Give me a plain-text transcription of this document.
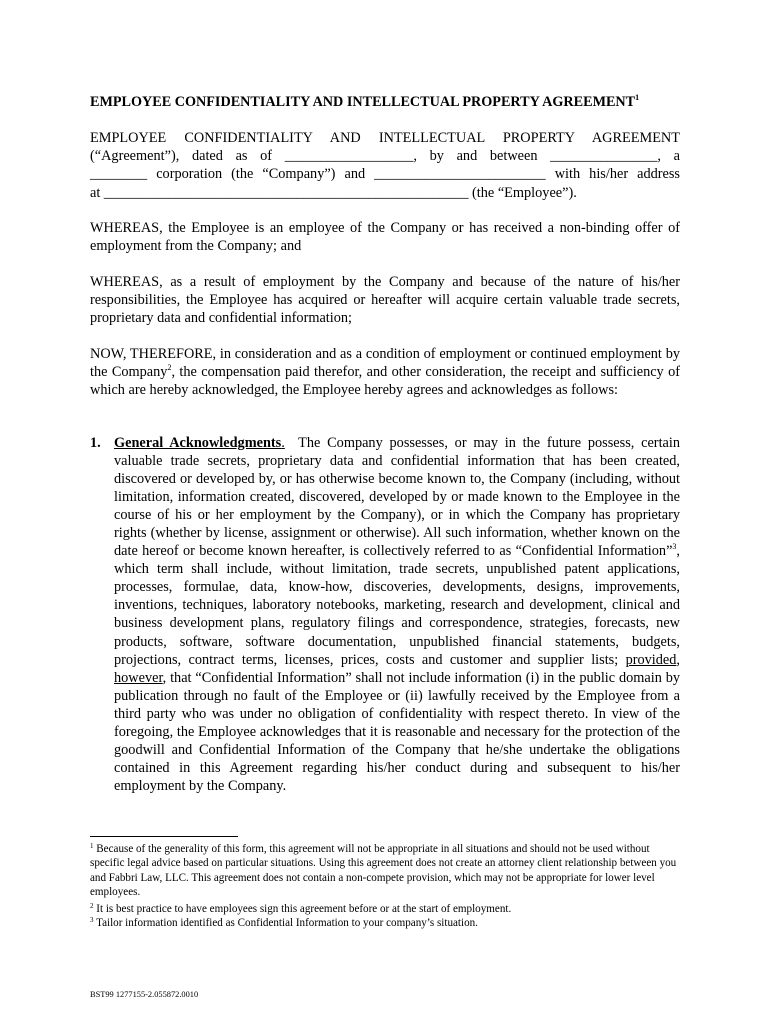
EMPLOYEE CONFIDENTIALITY AND INTELLECTUAL PROPERTY AGREEMENT$^1$
EMPLOYEE CONFIDENTIALITY AND INTELLECTUAL PROPERTY AGREEMENT
(“Agreement”), dated as of __________________, by and between _______________, a
________ corporation (the “Company”) and ________________________ with his/her address
at ___________________________________________________ (the “Employee”).
WHEREAS, the Employee is an employee of the Company or has received a non-binding offer of employment from the Company; and
WHEREAS, as a result of employment by the Company and because of the nature of his/her responsibilities, the Employee has acquired or hereafter will acquire certain valuable trade secrets, proprietary data and confidential information;
NOW, THEREFORE, in consideration and as a condition of employment or continued employment by the Company$^2$, the compensation paid therefor, and other consideration, the receipt and sufficiency of which are hereby acknowledged, the Employee hereby agrees and acknowledges as follows:
1. General Acknowledgments. The Company possesses, or may in the future possess, certain valuable trade secrets, proprietary data and confidential information that has been created, discovered or developed by, or has otherwise become known to, the Company (including, without limitation, information created, discovered, developed by or made known to the Employee in the course of his or her employment by the Company), or in which the Company has proprietary rights (whether by license, assignment or otherwise). All such information, whether known on the date hereof or become known hereafter, is collectively referred to as “Confidential Information”$^3$, which term shall include, without limitation, trade secrets, unpublished patent applications, processes, formulae, data, know-how, discoveries, developments, designs, improvements, inventions, techniques, laboratory notebooks, marketing, research and development, clinical and business development plans, regulatory filings and correspondence, strategies, forecasts, new products, software, software documentation, unpublished financial statements, budgets, projections, contract terms, licenses, prices, costs and customer and supplier lists; provided, however, that “Confidential Information” shall not include information (i) in the public domain by publication through no fault of the Employee or (ii) lawfully received by the Employee from a third party who was under no obligation of confidentiality with respect thereto. In view of the foregoing, the Employee acknowledges that it is reasonable and necessary for the protection of the goodwill and Confidential Information of the Company that he/she undertake the obligations contained in this Agreement regarding his/her conduct during and subsequent to his/her employment by the Company.
$^1$ Because of the generality of this form, this agreement will not be appropriate in all situations and should not be used without specific legal advice based on particular situations. Using this agreement does not create an attorney client relationship between you and Fabbri Law, LLC. This agreement does not contain a non-compete provision, which may not be appropriate for lower level employees.
$^2$ It is best practice to have employees sign this agreement before or at the start of employment.
$^3$ Tailor information identified as Confidential Information to your company’s situation.
BST99 1277155-2.055872.0010
